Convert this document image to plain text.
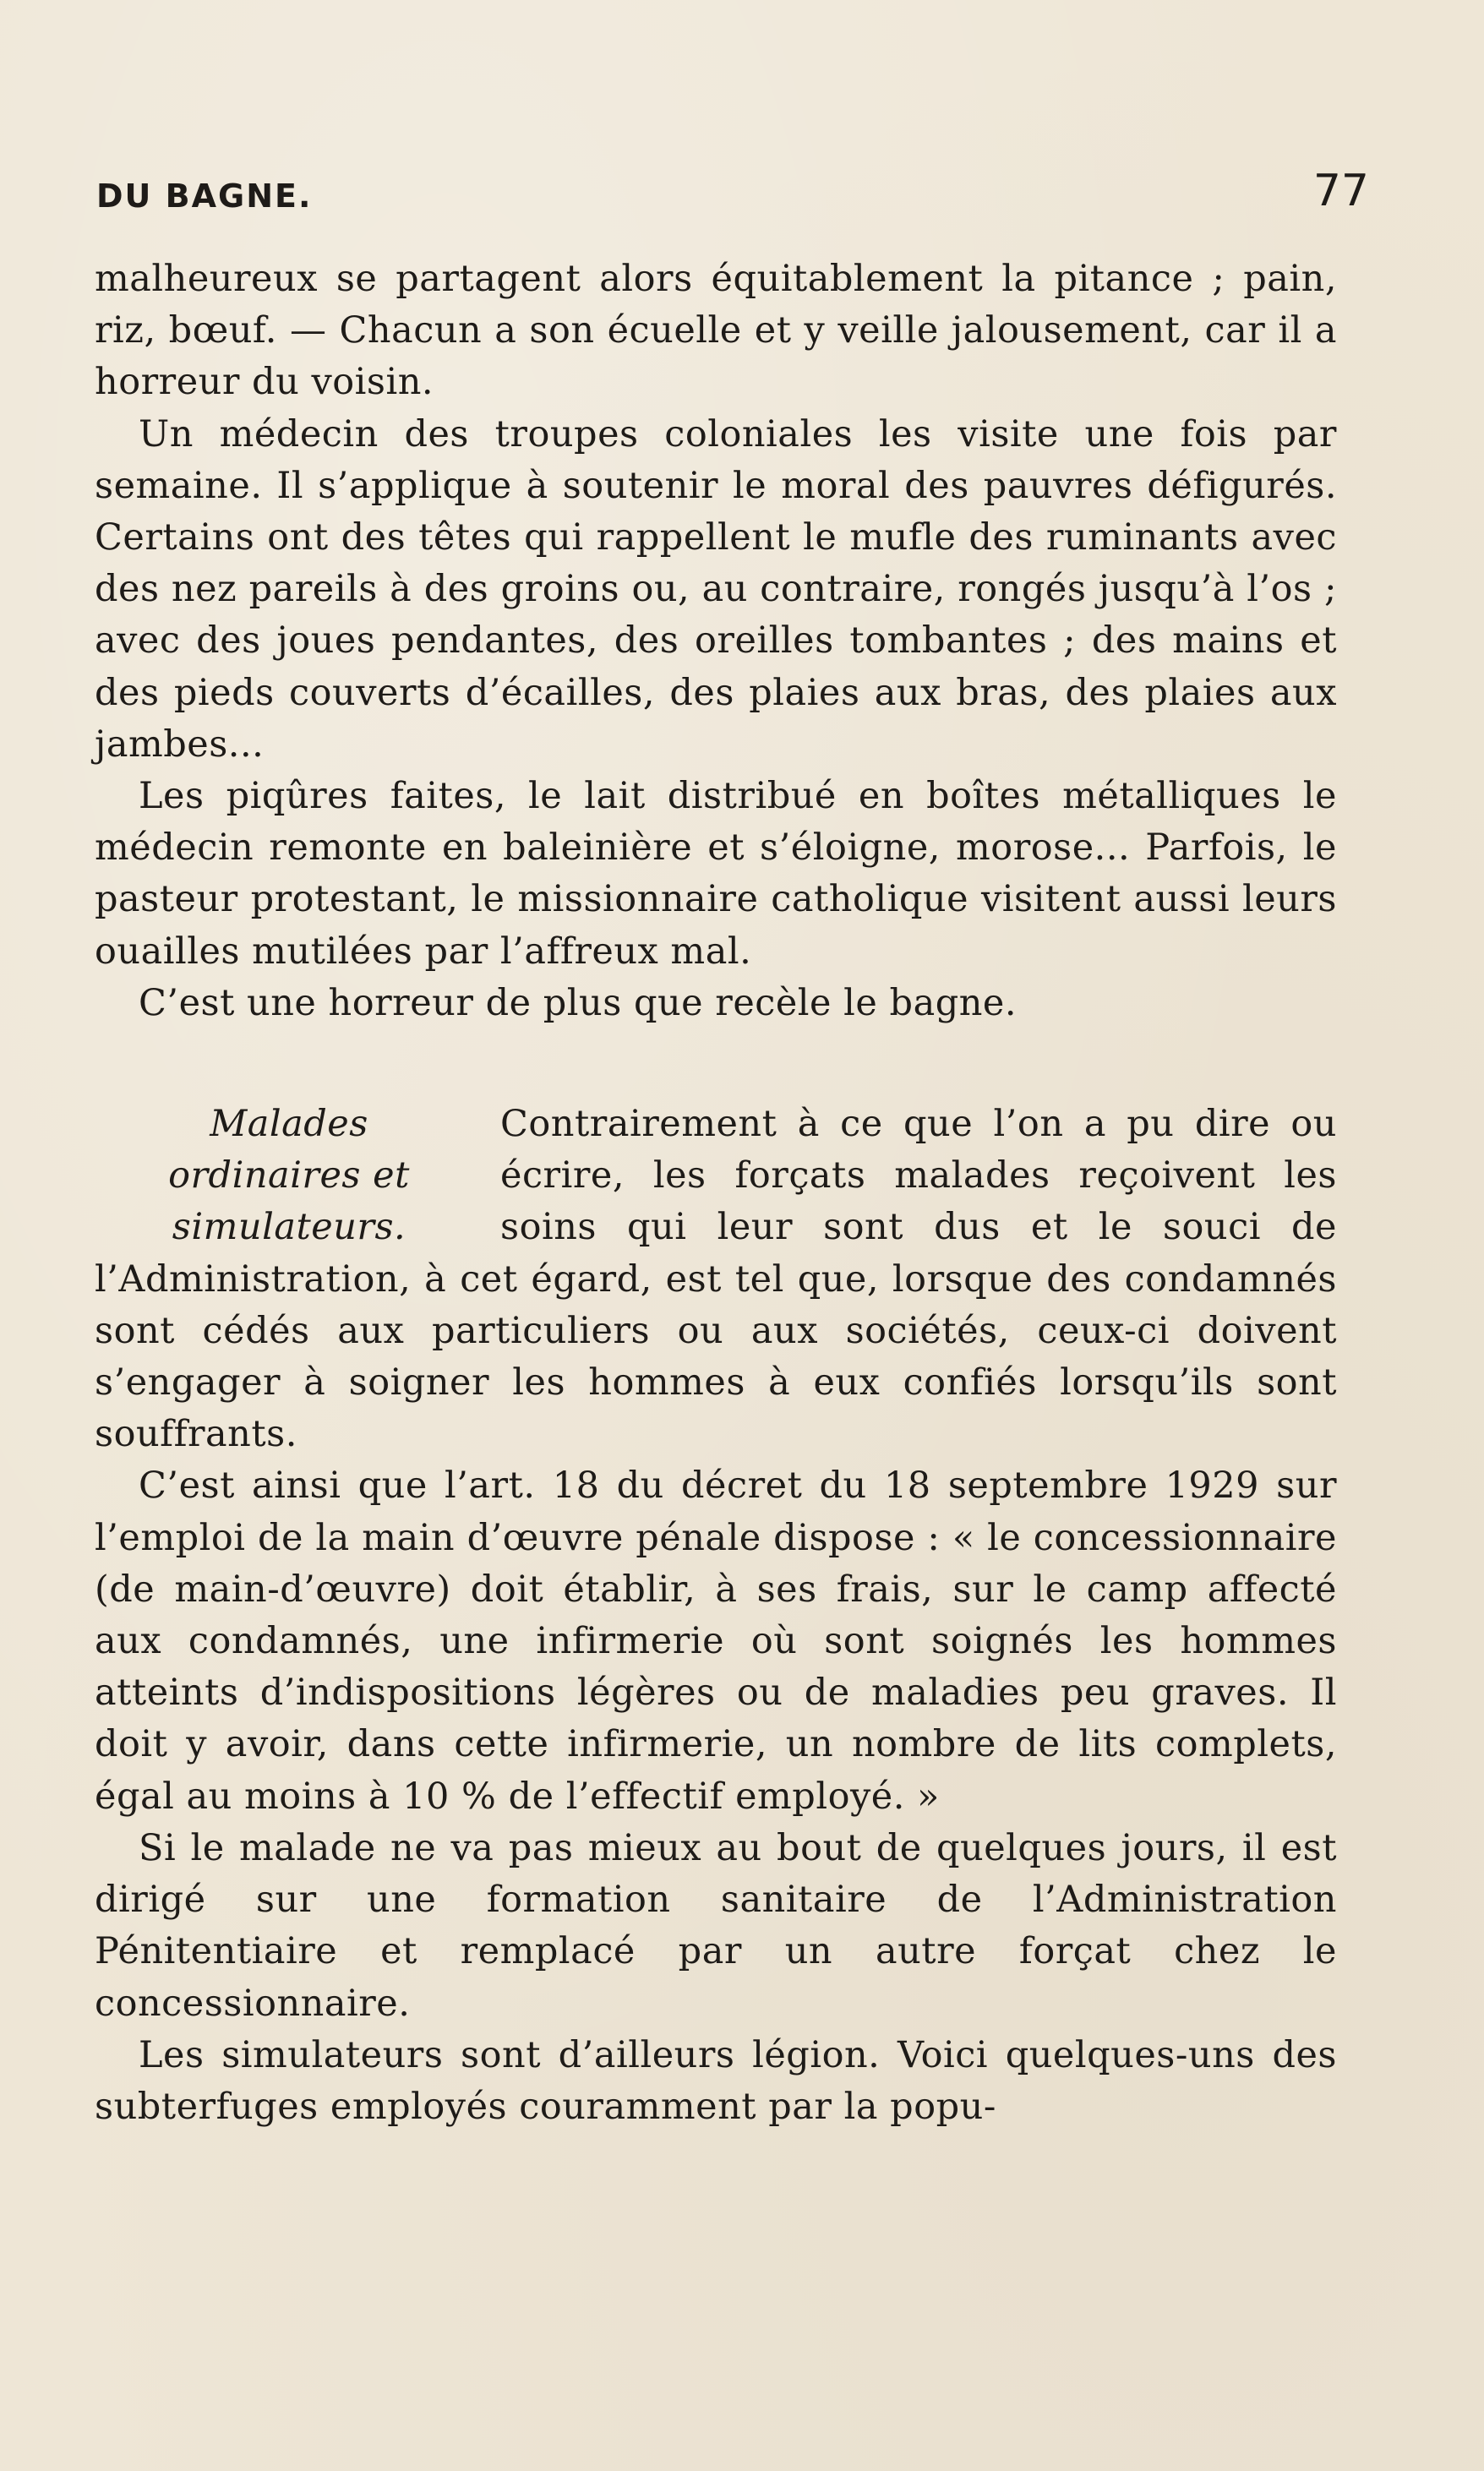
DU BAGNE.	77

malheureux se partagent alors équitablement la pitance ; pain, riz, bœuf. — Chacun a son écuelle et y veille jalousement, car il a horreur du voisin.

Un médecin des troupes coloniales les visite une fois par semaine. Il s’applique à soutenir le moral des pauvres défigurés. Certains ont des têtes qui rappellent le mufle des ruminants avec des nez pareils à des groins ou, au contraire, rongés jusqu’à l’os ; avec des joues pendantes, des oreilles tombantes ; des mains et des pieds couverts d’écailles, des plaies aux bras, des plaies aux jambes...

Les piqûres faites, le lait distribué en boîtes métalliques le médecin remonte en baleinière et s’éloigne, morose... Parfois, le pasteur protestant, le missionnaire catholique visitent aussi leurs ouailles mutilées par l’affreux mal.

C’est une horreur de plus que recèle le bagne.

Malades
ordinaires et
simulateurs.

Contrairement à ce que l’on a pu dire ou écrire, les forçats malades reçoivent les soins qui leur sont dus et le souci de l’Administration, à cet égard, est tel que, lorsque des condamnés sont cédés aux particuliers ou aux sociétés, ceux-ci doivent s’engager à soigner les hommes à eux confiés lorsqu’ils sont souffrants.

C’est ainsi que l’art. 18 du décret du 18 septembre 1929 sur l’emploi de la main d’œuvre pénale dispose : « le concessionnaire (de main-d’œuvre) doit établir, à ses frais, sur le camp affecté aux condamnés, une infirmerie où sont soignés les hommes atteints d’indispositions légères ou de maladies peu graves. Il doit y avoir, dans cette infirmerie, un nombre de lits complets, égal au moins à 10 % de l’effectif employé. »

Si le malade ne va pas mieux au bout de quelques jours, il est dirigé sur une formation sanitaire de l’Administration Pénitentiaire et remplacé par un autre forçat chez le concessionnaire.

Les simulateurs sont d’ailleurs légion. Voici quelques-uns des subterfuges employés couramment par la popu-
